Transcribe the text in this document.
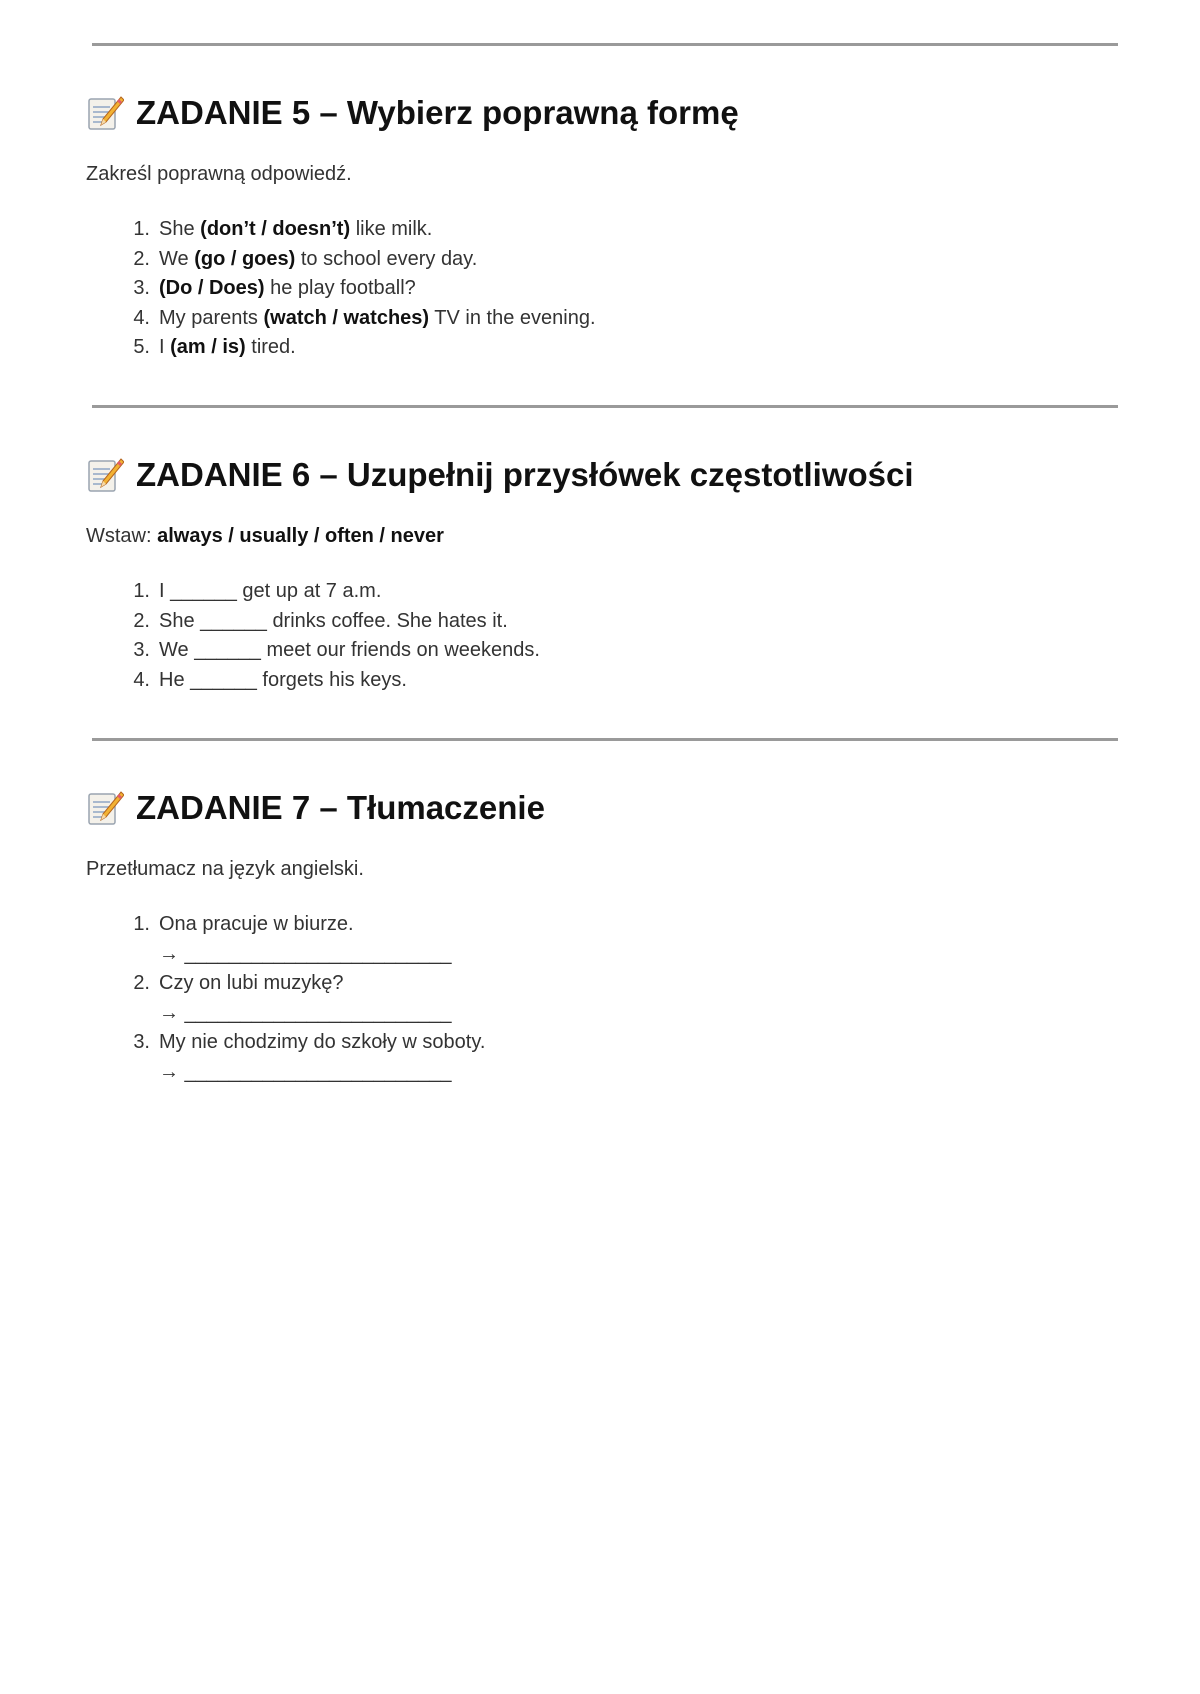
ZADANIE 5 – Wybierz poprawną formę
Zakreśl poprawną odpowiedź.
1. She (don’t / doesn’t) like milk.
2. We (go / goes) to school every day.
3. (Do / Does) he play football?
4. My parents (watch / watches) TV in the evening.
5. I (am / is) tired.
ZADANIE 6 – Uzupełnij przysłówek częstotliwości
Wstaw: always / usually / often / never
1. I ______ get up at 7 a.m.
2. She ______ drinks coffee. She hates it.
3. We ______ meet our friends on weekends.
4. He ______ forgets his keys.
ZADANIE 7 – Tłumaczenie
Przetłumacz na język angielski.
1. Ona pracuje w biurze.
→ ________________________
2. Czy on lubi muzykę?
→ ________________________
3. My nie chodzimy do szkoły w soboty.
→ ________________________
